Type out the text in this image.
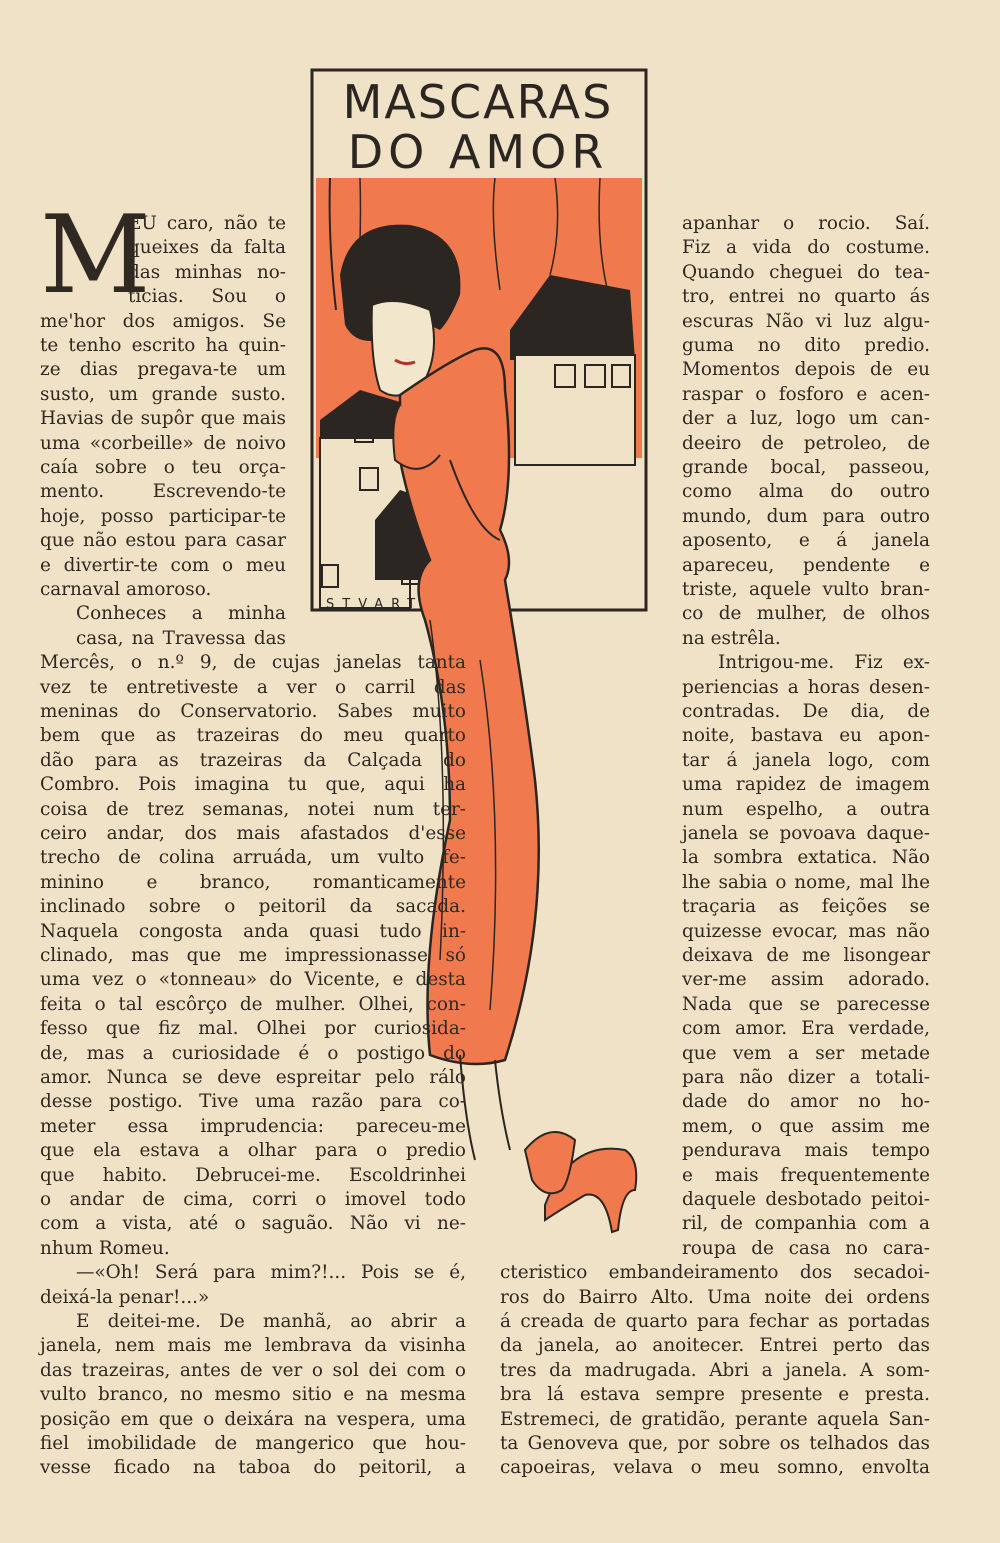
MASCARAS
DO AMOR
STVART
M
EU caro, não te
queixes da falta
das minhas no-
ticias. Sou o
me'hor dos amigos. Se
te tenho escrito ha quin-
ze dias pregava-te um
susto, um grande susto.
Havias de supôr que mais
uma «corbeille» de noivo
caía sobre o teu orça-
mento. Escrevendo-te
hoje, posso participar-te
que não estou para casar
e divertir-te com o meu
carnaval amoroso.
Conheces a minha
casa, na Travessa das
Mercês, o n.º 9, de cujas janelas tanta
vez te entretiveste a ver o carril das
meninas do Conservatorio. Sabes muito
bem que as trazeiras do meu quarto
dão para as trazeiras da Calçada do
Combro. Pois imagina tu que, aqui ha
coisa de trez semanas, notei num ter-
ceiro andar, dos mais afastados d'esse
trecho de colina arruáda, um vulto fe-
minino e branco, romanticamente
inclinado sobre o peitoril da sacada.
Naquela congosta anda quasi tudo in-
clinado, mas que me impressionasse só
uma vez o «tonneau» do Vicente, e desta
feita o tal escôrço de mulher. Olhei, con-
fesso que fiz mal. Olhei por curiosida-
de, mas a curiosidade é o postigo do
amor. Nunca se deve espreitar pelo rálo
desse postigo. Tive uma razão para co-
meter essa imprudencia: pareceu-me
que ela estava a olhar para o predio
que habito. Debrucei-me. Escoldrinhei
o andar de cima, corri o imovel todo
com a vista, até o saguão. Não vi ne-
nhum Romeu.
—«Oh! Será para mim?!... Pois se é,
deixá-la penar!...»
E deitei-me. De manhã, ao abrir a
janela, nem mais me lembrava da visinha
das trazeiras, antes de ver o sol dei com o
vulto branco, no mesmo sitio e na mesma
posição em que o deixára na vespera, uma
fiel imobilidade de mangerico que hou-
vesse ficado na taboa do peitoril, a
apanhar o rocio. Saí.
Fiz a vida do costume.
Quando cheguei do tea-
tro, entrei no quarto ás
escuras Não vi luz algu-
guma no dito predio.
Momentos depois de eu
raspar o fosforo e acen-
der a luz, logo um can-
deeiro de petroleo, de
grande bocal, passeou,
como alma do outro
mundo, dum para outro
aposento, e á janela
apareceu, pendente e
triste, aquele vulto bran-
co de mulher, de olhos
na estrêla.
Intrigou-me. Fiz ex-
periencias a horas desen-
contradas. De dia, de
noite, bastava eu apon-
tar á janela logo, com
uma rapidez de imagem
num espelho, a outra
janela se povoava daque-
la sombra extatica. Não
lhe sabia o nome, mal lhe
traçaria as feições se
quizesse evocar, mas não
deixava de me lisongear
ver-me assim adorado.
Nada que se parecesse
com amor. Era verdade,
que vem a ser metade
para não dizer a totali-
dade do amor no ho-
mem, o que assim me
pendurava mais tempo
e mais frequentemente
daquele desbotado peitoi-
ril, de companhia com a
roupa de casa no cara-
cteristico embandeiramento dos secadoi-
ros do Bairro Alto. Uma noite dei ordens
á creada de quarto para fechar as portadas
da janela, ao anoitecer. Entrei perto das
tres da madrugada. Abri a janela. A som-
bra lá estava sempre presente e presta.
Estremeci, de gratidão, perante aquela San-
ta Genoveva que, por sobre os telhados das
capoeiras, velava o meu somno, envolta
